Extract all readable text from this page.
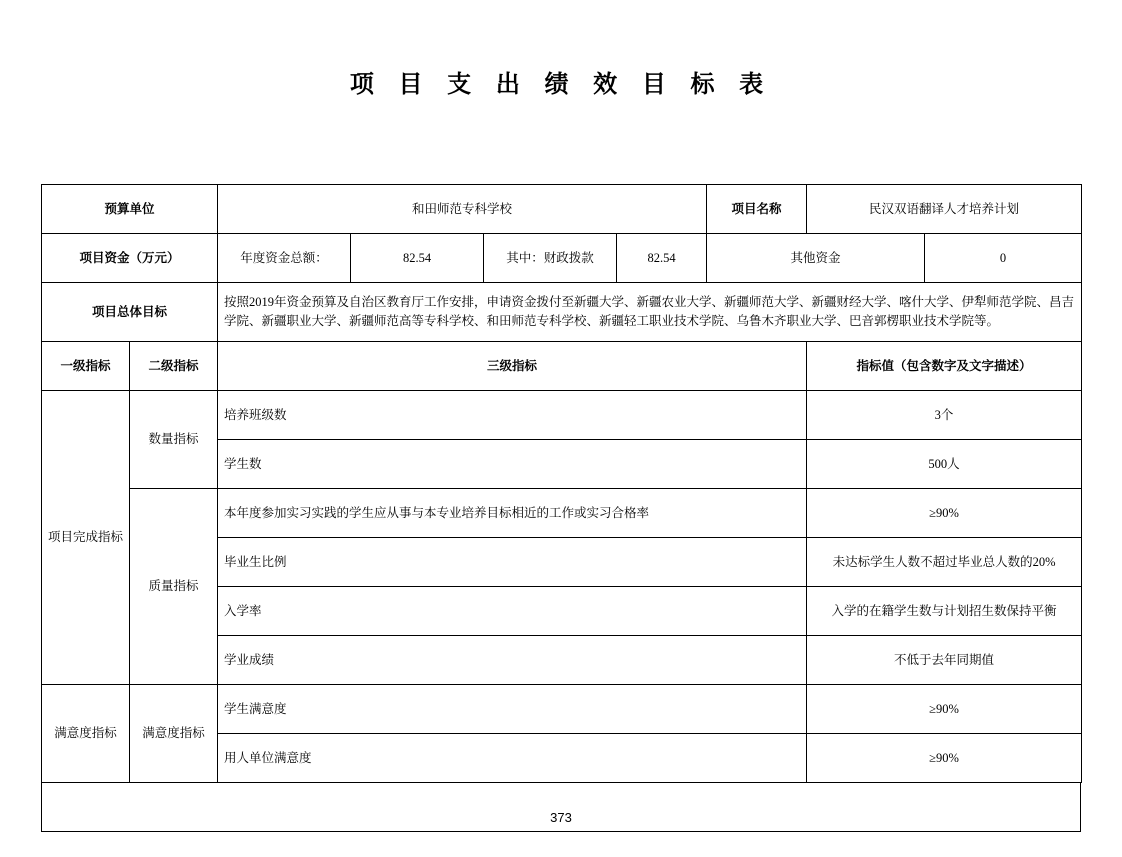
项 目 支 出 绩 效 目 标 表
预算单位		和田师范专科学校				项目名称	民汉双语翻译人才培养计划	
项目资金（万元）		年度资金总额：	82.54	其中：财政拨款	82.54	其他资金		0
项目总体目标		按照2019年资金预算及自治区教育厅工作安排，申请资金拨付至新疆大学、新疆农业大学、新疆师范大学、新疆财经大学、喀什大学、伊犁师范学院、昌吉学院、新疆职业大学、新疆师范高等专科学校、和田师范专科学校、新疆轻工职业技术学院、乌鲁木齐职业大学、巴音郭楞职业技术学院等。						
一级指标	二级指标	三级指标					指标值（包含数字及文字描述）	
项目完成指标	数量指标	培养班级数					3个	
		学生数					500人	
	质量指标	本年度参加实习实践的学生应从事与本专业培养目标相近的工作或实习合格率					≥90%	
		毕业生比例					未达标学生人数不超过毕业总人数的20%	
		入学率					入学的在籍学生数与计划招生数保持平衡	
		学业成绩					不低于去年同期值	
满意度指标	满意度指标	学生满意度					≥90%	
		用人单位满意度					≥90%	
373
